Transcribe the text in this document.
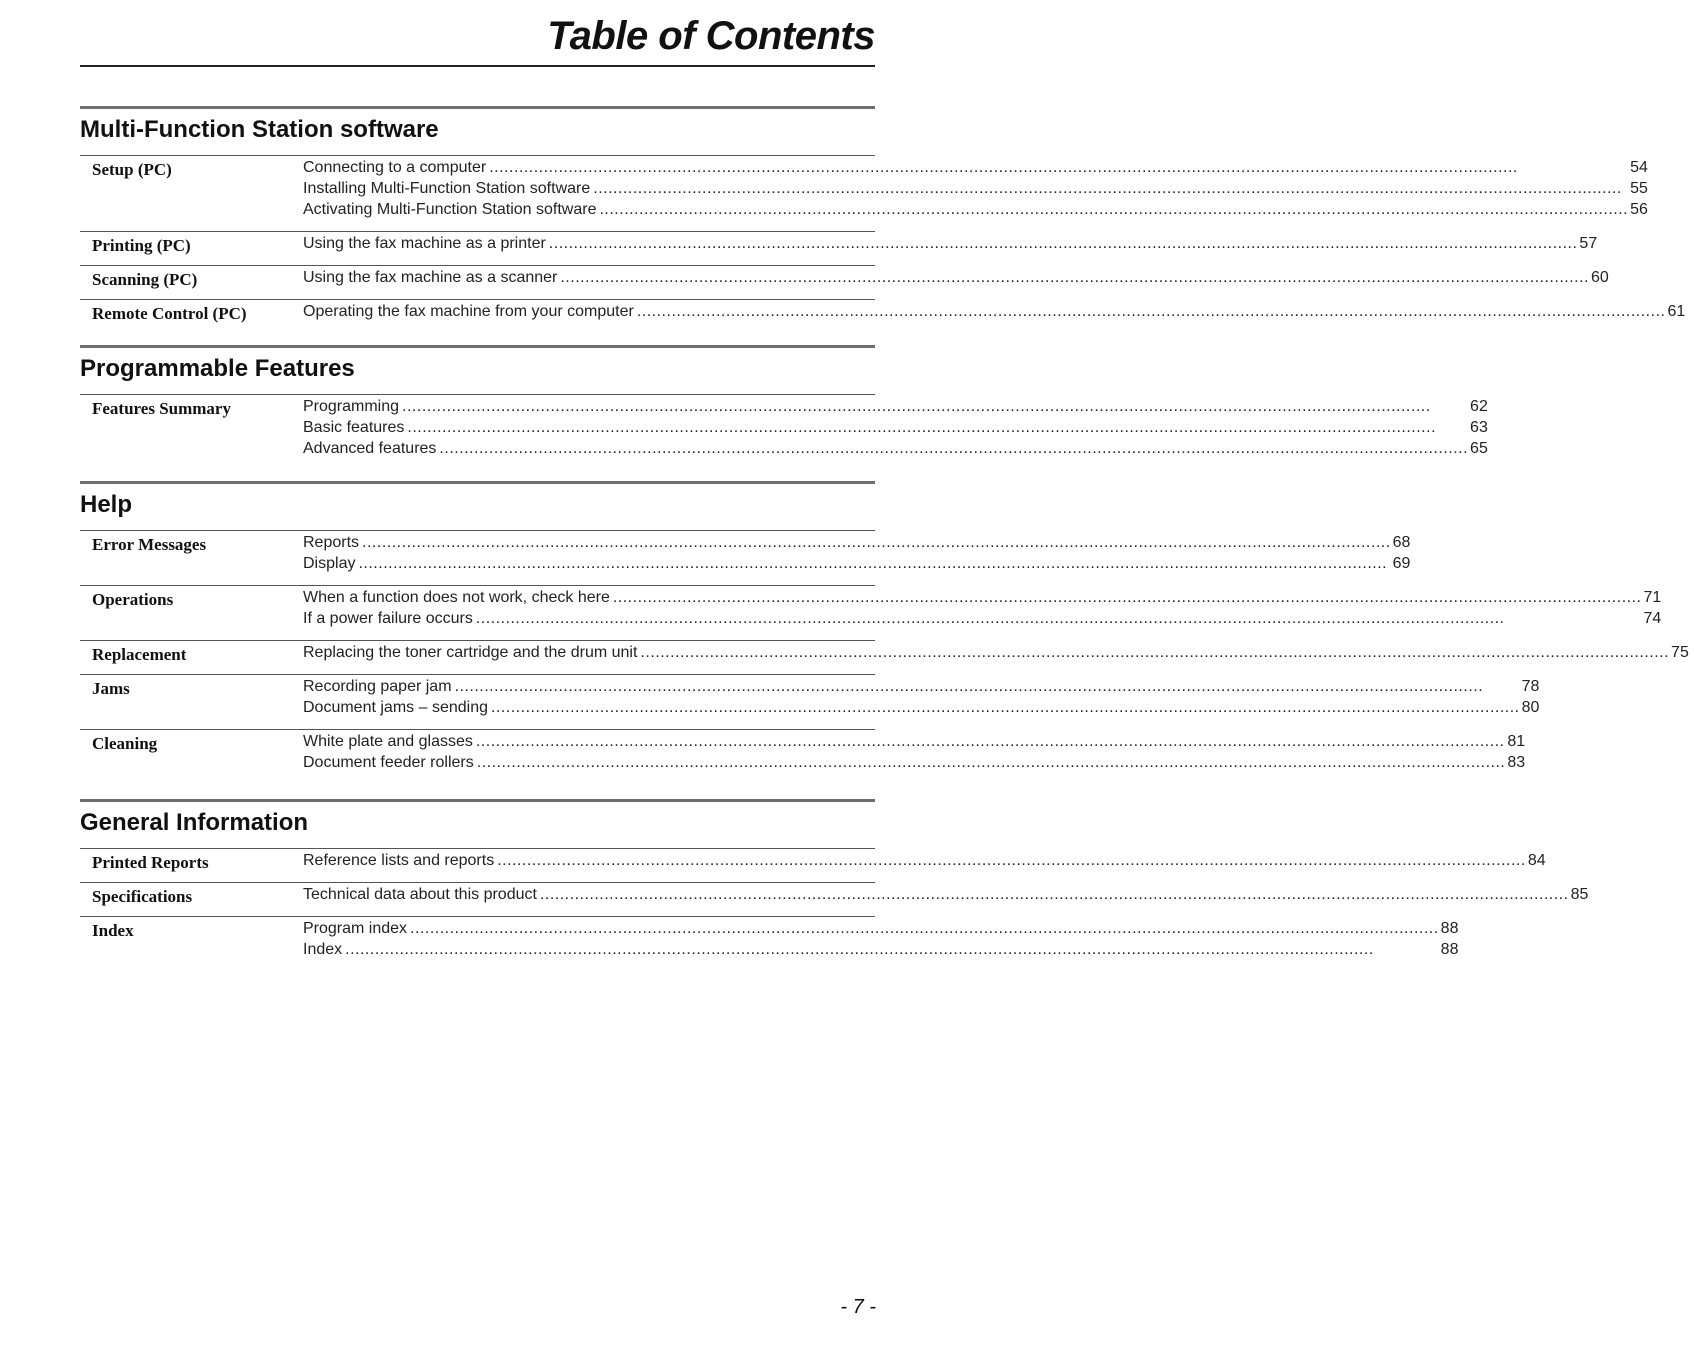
Table of Contents
Multi-Function Station software
Setup (PC)	Connecting to a computer .....	54
Installing Multi-Function Station software .....	55
Activating Multi-Function Station software .....	56
Printing (PC)	Using the fax machine as a printer .....	57
Scanning (PC)	Using the fax machine as a scanner .....	60
Remote Control (PC)	Operating the fax machine from your computer .....	61
Programmable Features
Features Summary	Programming .....	62
Basic features .....	63
Advanced features .....	65
Help
Error Messages	Reports .....	68
Display .....	69
Operations	When a function does not work, check here .....	71
If a power failure occurs .....	74
Replacement	Replacing the toner cartridge and the drum unit .....	75
Jams	Recording paper jam .....	78
Document jams – sending .....	80
Cleaning	White plate and glasses .....	81
Document feeder rollers .....	83
General Information
Printed Reports	Reference lists and reports .....	84
Specifications	Technical data about this product .....	85
Index	Program index .....	88
Index .....	88
- 7 -
